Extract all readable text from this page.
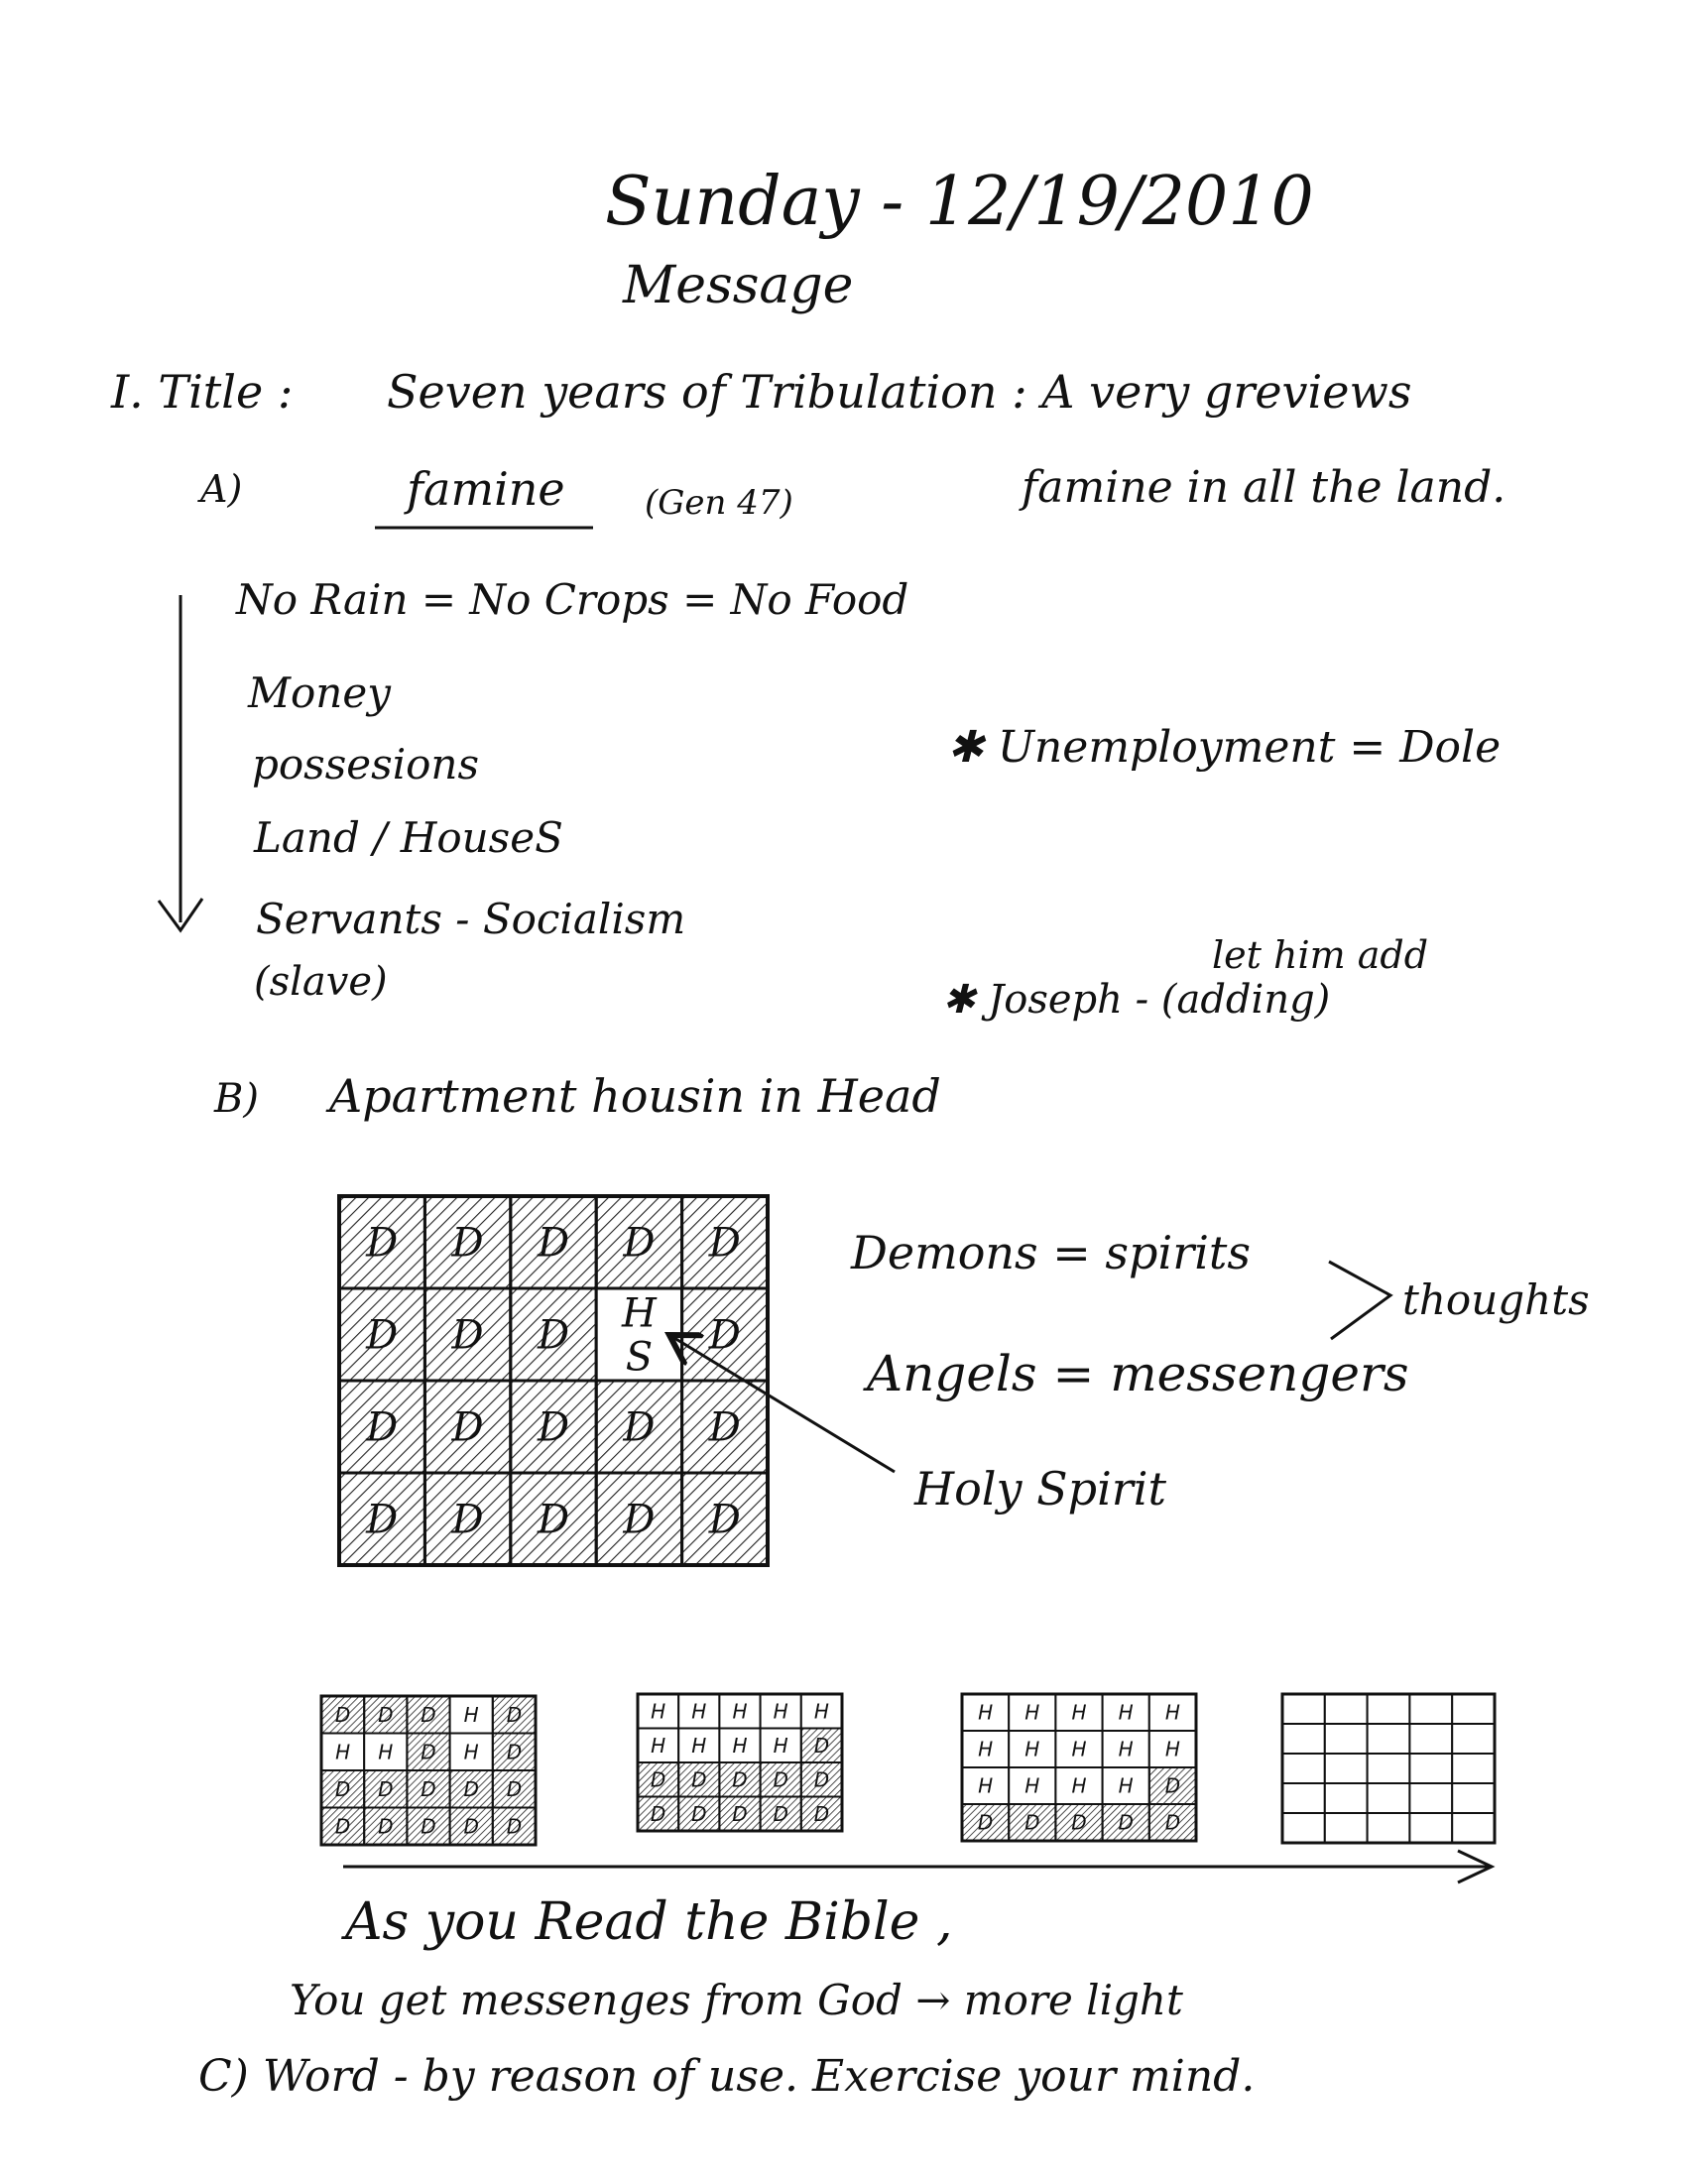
Sunday - 12/19/2010
Message
I. Title : Seven years of Tribulation : A very greviews
famine in all the land.
A)	famine (Gen 47)
No Rain = No Crops = No Food
Money
possesions
Land / HouseS
Servants - Socialism
(slave)
✱ Unemployment = Dole
let him add
✱ Joseph - (adding)
B) Apartment housin in Head
Demons = spirits
Angels = messengers
thoughts
Holy Spirit
As you Read the Bible ,
You get messenges from God → more light
C) Word - by reason of use. Exercise your mind.
D D D D D
D D D H
S D
D D D D D
D D D D D
D D D H D
H H D H D
D D D D D
D D D D D
H H H H H
H H H H D
D D D D D
D D D D D
H H H H H
H H H H H
H H H H D
D D D D D
